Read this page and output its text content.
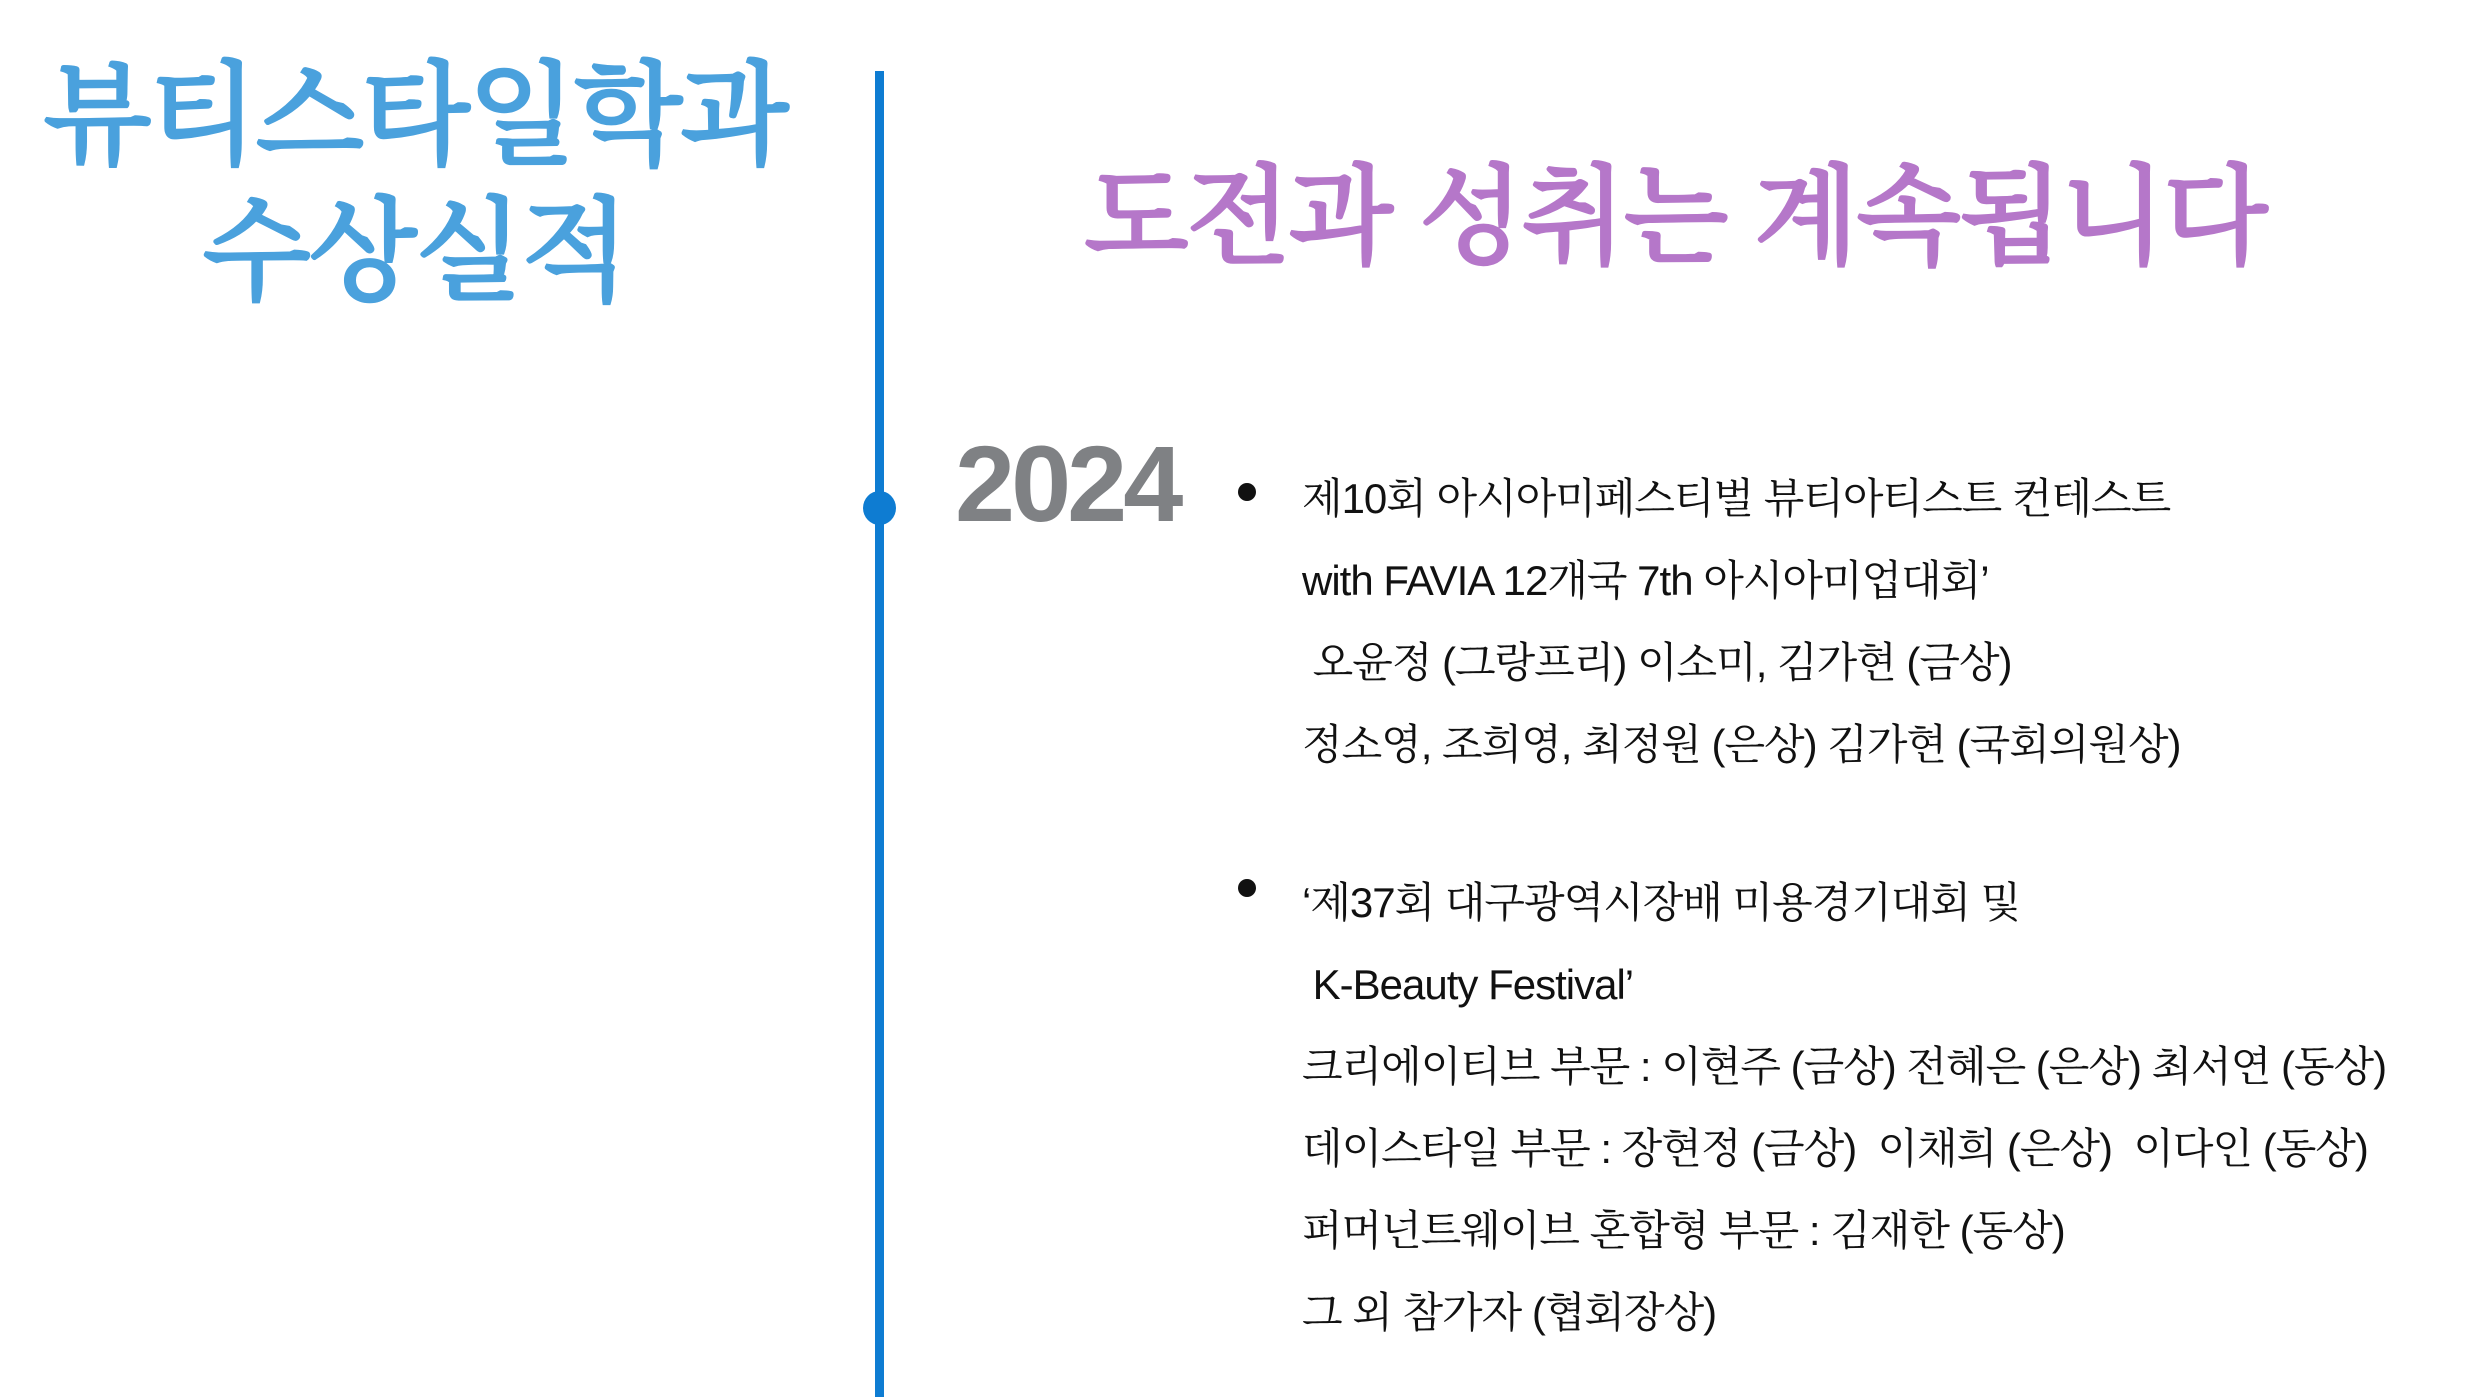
뷰티스타일학과
수상실적	도전과 성취는 계속됩니다
2024	제10회 아시아미페스티벌 뷰티아티스트 컨테스트
with FAVIA 12개국 7th 아시아미업대회’
오윤정 (그랑프리) 이소미, 김가현 (금상)
정소영, 조희영, 최정원 (은상) 김가현 (국회의원상)
‘제37회 대구광역시장배 미용경기대회 및
K-Beauty Festival’
크리에이티브 부문 : 이현주 (금상) 전혜은 (은상) 최서연 (동상)
데이스타일 부문 : 장현정 (금상)  이채희 (은상)  이다인 (동상)
퍼머넌트웨이브 혼합형 부문 : 김재한 (동상)
그 외 참가자 (협회장상)
